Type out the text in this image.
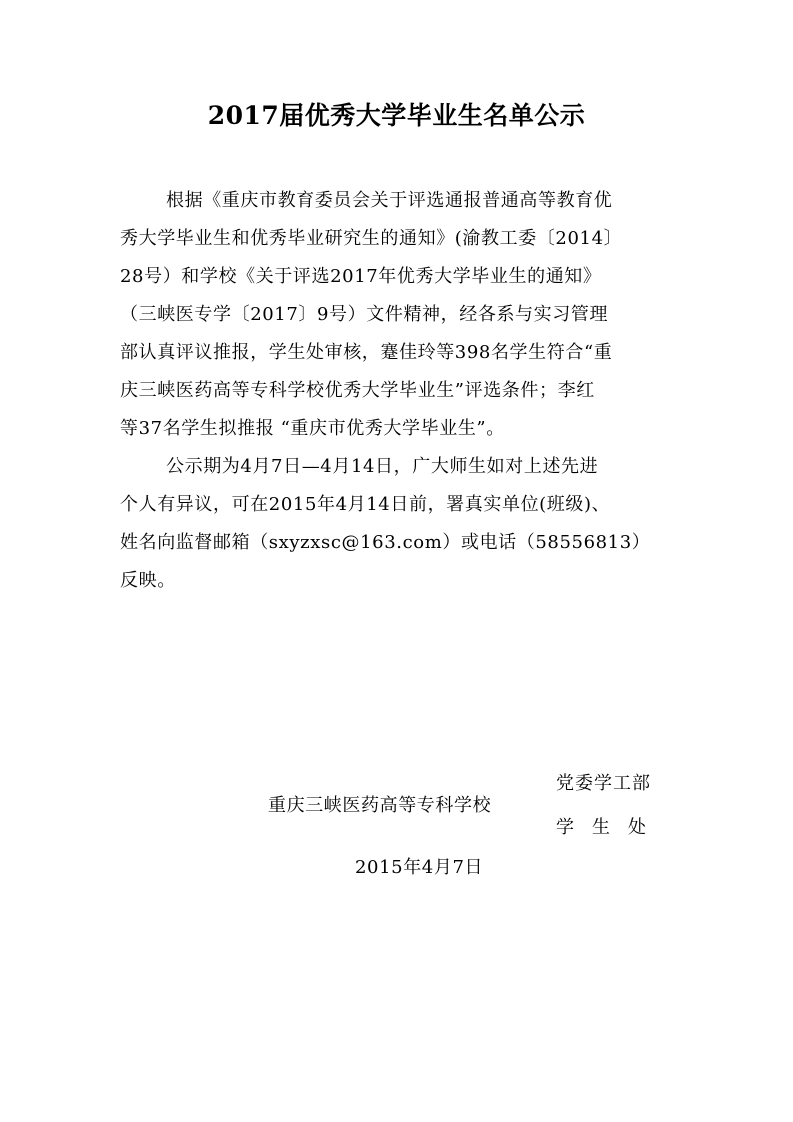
2017届优秀大学毕业生名单公示

根据《重庆市教育委员会关于评选通报普通高等教育优

秀大学毕业生和优秀毕业研究生的通知》(渝教工委〔2014〕

28号）和学校《关于评选2017年优秀大学毕业生的通知》

（三峡医专学〔2017〕9号）文件精神，经各系与实习管理

部认真评议推报，学生处审核，蹇佳玲等398名学生符合“重

庆三峡医药高等专科学校优秀大学毕业生”评选条件；李红

等37名学生拟推报 “重庆市优秀大学毕业生”。

公示期为4月7日—4月14日，广大师生如对上述先进

个人有异议，可在2015年4月14日前，署真实单位(班级)、

姓名向监督邮箱（sxyzxsc@163.com）或电话（58556813）

反映。

党委学工部

重庆三峡医药高等专科学校

学　生　处

2015年4月7日
